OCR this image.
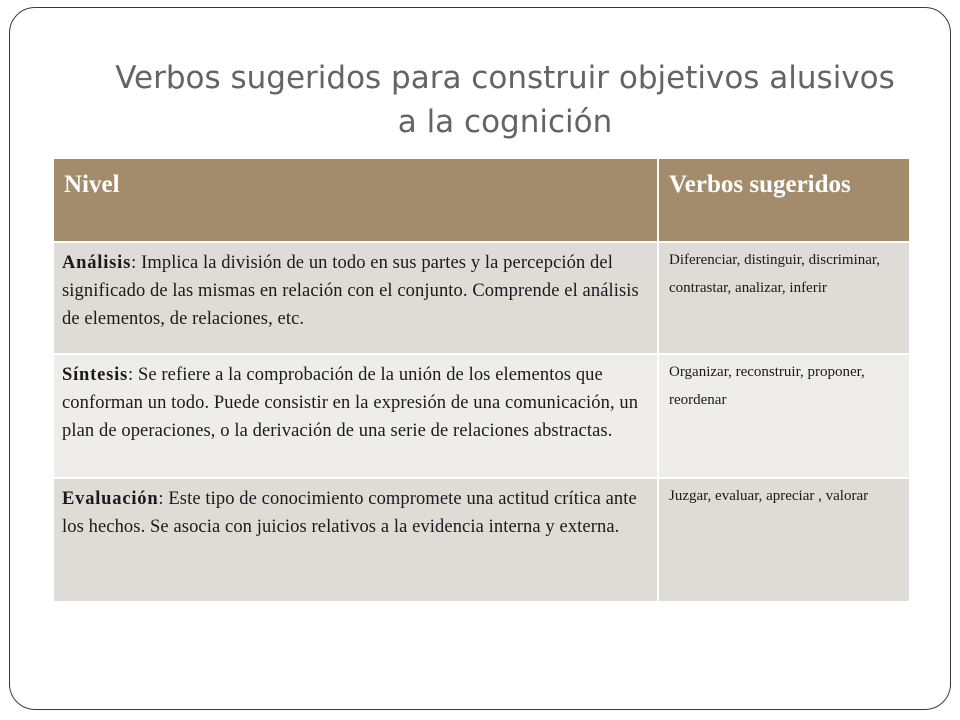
Verbos sugeridos para construir objetivos alusivos
a la cognición
Nivel	Verbos sugeridos
Análisis: Implica la división de un todo en sus partes y la percepción del significado de las mismas en relación con el conjunto. Comprende el análisis de elementos, de relaciones, etc.	Diferenciar, distinguir, discriminar, contrastar, analizar, inferir
Síntesis: Se refiere a la comprobación de la unión de los elementos que conforman un todo. Puede consistir en la expresión de una comunicación, un plan de operaciones, o la derivación de una serie de relaciones abstractas.	Organizar, reconstruir, proponer, reordenar
Evaluación: Este tipo de conocimiento compromete una actitud crítica ante los hechos. Se asocia con juicios relativos a la evidencia interna y externa.	Juzgar, evaluar, apreciar , valorar
